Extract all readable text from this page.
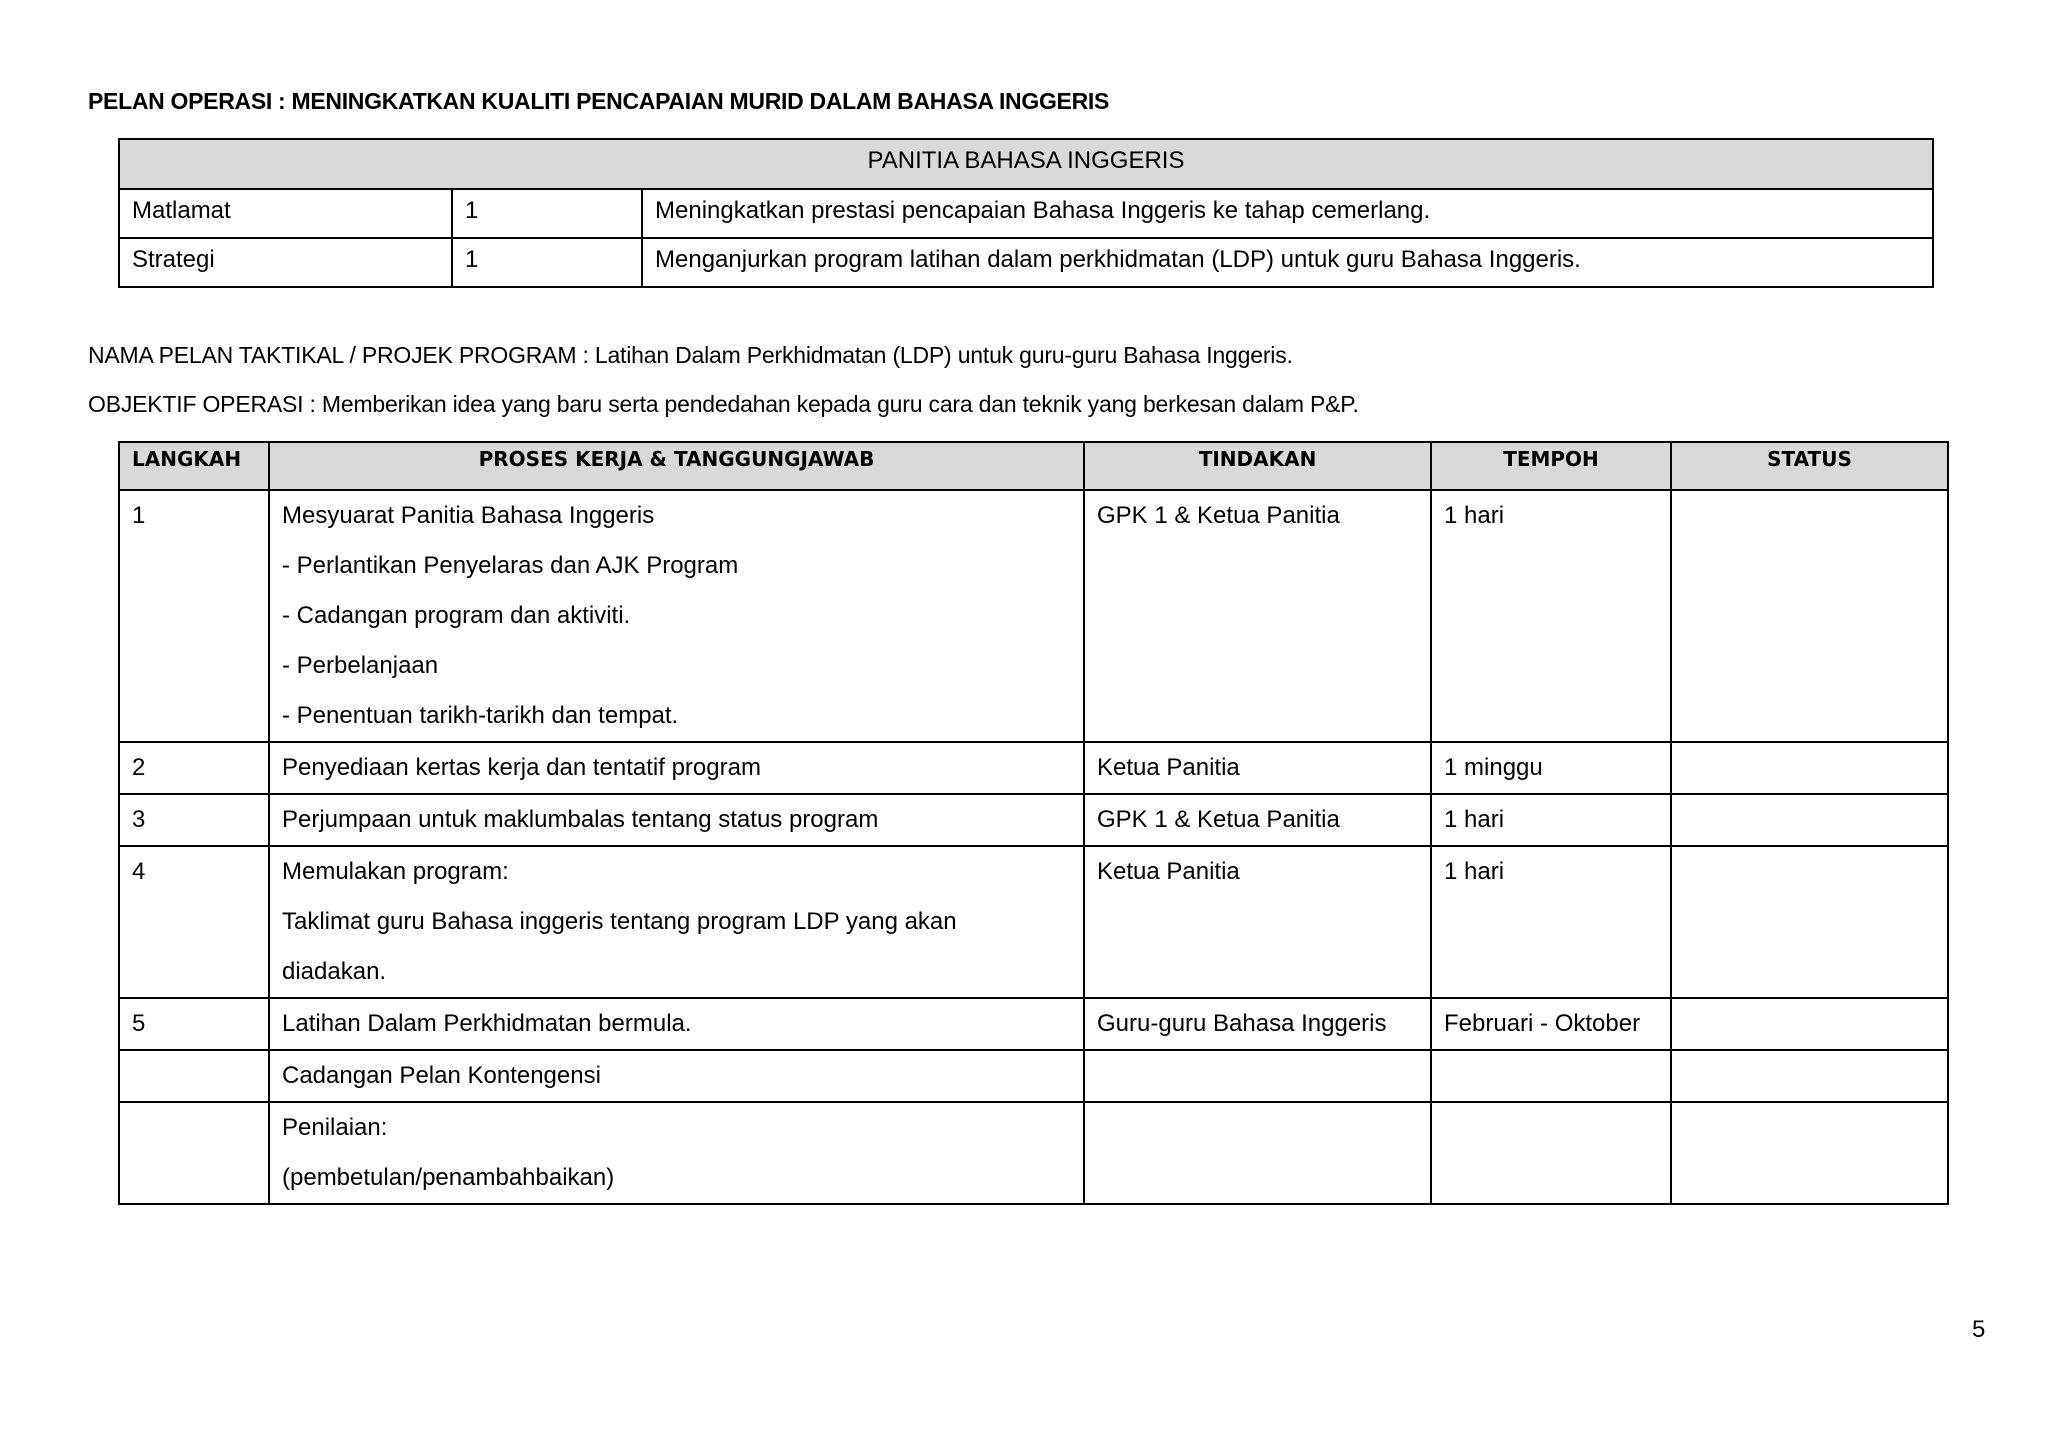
PELAN OPERASI : MENINGKATKAN KUALITI PENCAPAIAN MURID DALAM BAHASA INGGERIS
PANITIA BAHASA INGGERIS		
Matlamat	1	Meningkatkan prestasi pencapaian Bahasa Inggeris ke tahap cemerlang.
Strategi	1	Menganjurkan program latihan dalam perkhidmatan (LDP) untuk guru Bahasa Inggeris.
NAMA PELAN TAKTIKAL / PROJEK PROGRAM : Latihan Dalam Perkhidmatan (LDP) untuk guru-guru Bahasa Inggeris.
OBJEKTIF OPERASI : Memberikan idea yang baru serta pendedahan kepada guru cara dan teknik yang berkesan dalam P&P.
LANGKAH	PROSES KERJA & TANGGUNGJAWAB	TINDAKAN	TEMPOH	STATUS
1	Mesyuarat Panitia Bahasa Inggeris
- Perlantikan Penyelaras dan AJK Program
- Cadangan program dan aktiviti.
- Perbelanjaan
- Penentuan tarikh-tarikh dan tempat.	GPK 1 & Ketua Panitia	1 hari	
2	Penyediaan kertas kerja dan tentatif program	Ketua Panitia	1 minggu	
3	Perjumpaan untuk maklumbalas tentang status program	GPK 1 & Ketua Panitia	1 hari	
4	Memulakan program:
Taklimat guru Bahasa inggeris tentang program LDP yang akan
diadakan.	Ketua Panitia	1 hari	
5	Latihan Dalam Perkhidmatan bermula.	Guru-guru Bahasa Inggeris	Februari - Oktober	

	Cadangan Pelan Kontengensi			

	Penilaian:
(pembetulan/penambahbaikan)			

5
